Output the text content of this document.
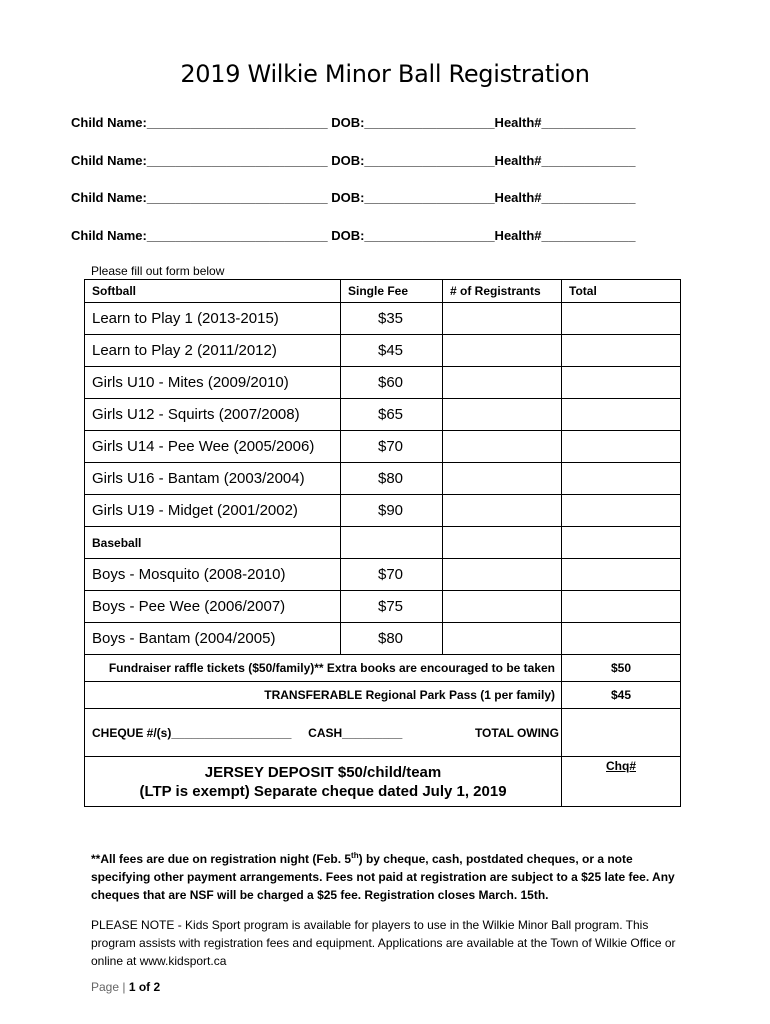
2019 Wilkie Minor Ball Registration
Child Name:_________________________ DOB:__________________Health#_____________
Child Name:_________________________ DOB:__________________Health#_____________
Child Name:_________________________ DOB:__________________Health#_____________
Child Name:_________________________ DOB:__________________Health#_____________
Please fill out form below
Softball	Single Fee	# of Registrants	Total
Learn to Play 1 (2013-2015)	$35		
Learn to Play 2 (2011/2012)	$45		
Girls U10 - Mites (2009/2010)	$60		
Girls U12 - Squirts (2007/2008)	$65		
Girls U14 - Pee Wee (2005/2006)	$70		
Girls U16 - Bantam (2003/2004)	$80		
Girls U19 - Midget (2001/2002)	$90		
Baseball			
Boys - Mosquito (2008-2010)	$70		
Boys - Pee Wee (2006/2007)	$75		
Boys - Bantam (2004/2005)	$80		
Fundraiser raffle tickets ($50/family)** Extra books are encouraged to be taken			$50
TRANSFERABLE Regional Park Pass (1 per family)			$45
CHEQUE #/(s)__________________ CASH_________ TOTAL OWING			

JERSEY DEPOSIT $50/child/team
(LTP is exempt) Separate cheque dated July 1, 2019			Chq#
**All fees are due on registration night (Feb. 5th) by cheque, cash, postdated cheques, or a note specifying other payment arrangements. Fees not paid at registration are subject to a $25 late fee. Any cheques that are NSF will be charged a $25 fee. Registration closes March. 15th.
PLEASE NOTE - Kids Sport program is available for players to use in the Wilkie Minor Ball program. This program assists with registration fees and equipment. Applications are available at the Town of Wilkie Office or online at www.kidsport.ca
Page | 1 of 2
